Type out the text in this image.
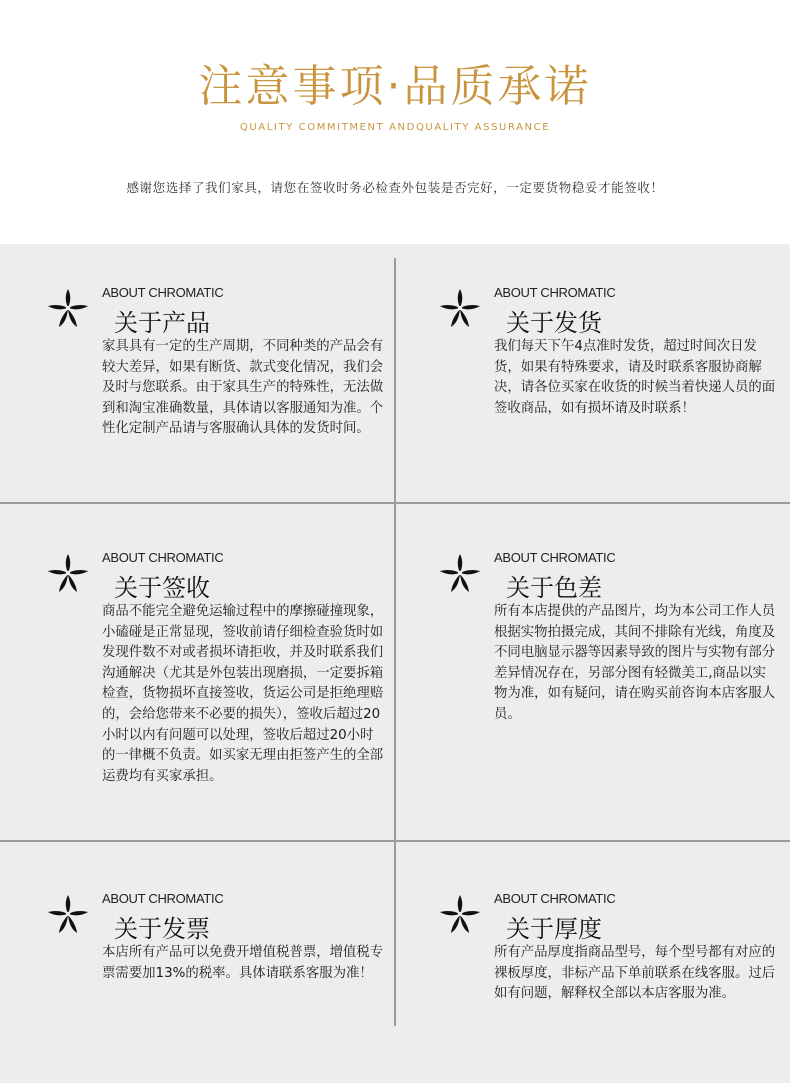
注意事项·品质承诺
QUALITY COMMITMENT ANDQUALITY ASSURANCE
感谢您选择了我们家具，请您在签收时务必检查外包装是否完好，一定要货物稳妥才能签收！
ABOUT CHROMATIC
关于产品
家具具有一定的生产周期，不同种类的产品会有较大差异，如果有断货、款式变化情况，我们会及时与您联系。由于家具生产的特殊性，无法做到和淘宝准确数量，具体请以客服通知为准。个性化定制产品请与客服确认具体的发货时间。
ABOUT CHROMATIC
关于发货
我们每天下午4点准时发货，超过时间次日发货，如果有特殊要求，请及时联系客服协商解决，请各位买家在收货的时候当着快递人员的面签收商品，如有损坏请及时联系！
ABOUT CHROMATIC
关于签收
商品不能完全避免运输过程中的摩擦碰撞现象，小磕碰是正常显现，签收前请仔细检查验货时如发现件数不对或者损坏请拒收，并及时联系我们沟通解决（尤其是外包装出现磨损，一定要拆箱检查，货物损坏直接签收，货运公司是拒绝理赔的，会给您带来不必要的损失），签收后超过20小时以内有问题可以处理，签收后超过20小时的一律概不负责。如买家无理由拒签产生的全部运费均有买家承担。
ABOUT CHROMATIC
关于色差
所有本店提供的产品图片，均为本公司工作人员根据实物拍摄完成，其间不排除有光线，角度及不同电脑显示器等因素导致的图片与实物有部分差异情况存在，另部分图有轻微美工,商品以实物为准，如有疑问，请在购买前咨询本店客服人员。
ABOUT CHROMATIC
关于发票
本店所有产品可以免费开增值税普票，增值税专票需要加13%的税率。具体请联系客服为准！
ABOUT CHROMATIC
关于厚度
所有产品厚度指商品型号，每个型号都有对应的裸板厚度，非标产品下单前联系在线客服。过后如有问题，解释权全部以本店客服为准。
